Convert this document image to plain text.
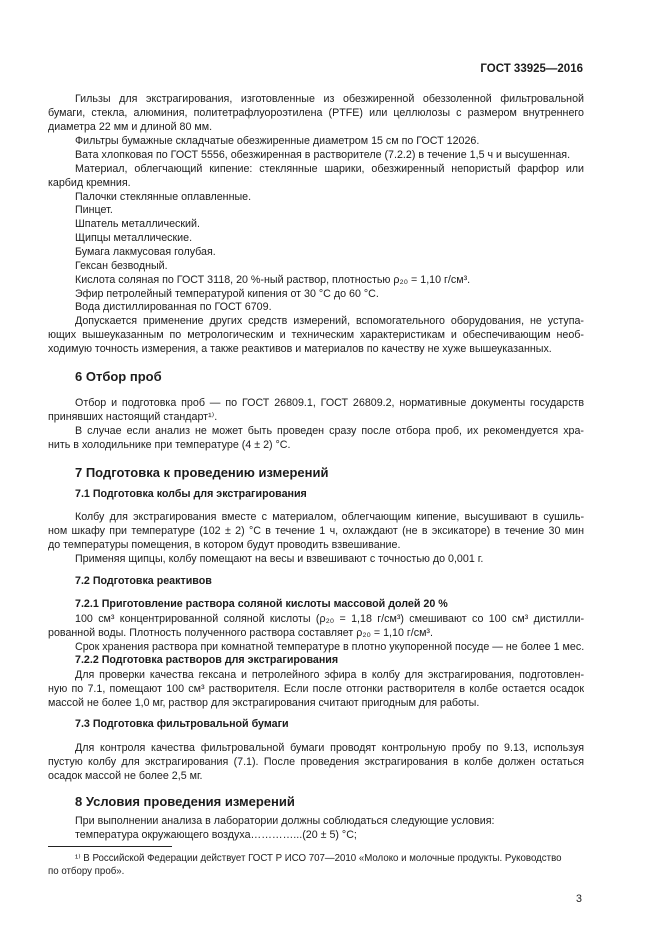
ГОСТ 33925—2016
Гильзы для экстрагирования, изготовленные из обезжиренной обеззоленной фильтровальной
бумаги, стекла, алюминия, политетрафлуороэтилена (PTFE) или целлюлозы с размером внутреннего
диаметра 22 мм и длиной 80 мм.
Фильтры бумажные складчатые обезжиренные диаметром 15 см по ГОСТ 12026.
Вата хлопковая по ГОСТ 5556, обезжиренная в растворителе (7.2.2) в течение 1,5 ч и высушенная.
Материал, облегчающий кипение: стеклянные шарики, обезжиренный непористый фарфор или
карбид кремния.
Палочки стеклянные оплавленные.
Пинцет.
Шпатель металлический.
Щипцы металлические.
Бумага лакмусовая голубая.
Гексан безводный.
Кислота соляная по ГОСТ 3118, 20 %-ный раствор, плотностью ρ₂₀ = 1,10 г/см³.
Эфир петролейный температурой кипения от 30 °С до 60 °С.
Вода дистиллированная по ГОСТ 6709.
Допускается применение других средств измерений, вспомогательного оборудования, не уступа-
ющих вышеуказанным по метрологическим и техническим характеристикам и обеспечивающим необ-
ходимую точность измерения, а также реактивов и материалов по качеству не хуже вышеуказанных.
6 Отбор проб
Отбор и подготовка проб — по ГОСТ 26809.1, ГОСТ 26809.2, нормативные документы государств
принявших настоящий стандарт¹⁾.
В случае если анализ не может быть проведен сразу после отбора проб, их рекомендуется хра-
нить в холодильнике при температуре (4 ± 2) °С.
7 Подготовка к проведению измерений
7.1 Подготовка колбы для экстрагирования
Колбу для экстрагирования вместе с материалом, облегчающим кипение, высушивают в сушиль-
ном шкафу при температуре (102 ± 2) °С в течение 1 ч, охлаждают (не в эксикаторе) в течение 30 мин
до температуры помещения, в котором будут проводить взвешивание.
Применяя щипцы, колбу помещают на весы и взвешивают с точностью до 0,001 г.
7.2 Подготовка реактивов
7.2.1 Приготовление раствора соляной кислоты массовой долей 20 %
100 см³ концентрированной соляной кислоты (ρ₂₀ = 1,18 г/см³) смешивают со 100 см³ дистилли-
рованной воды. Плотность полученного раствора составляет ρ₂₀ = 1,10 г/см³.
Срок хранения раствора при комнатной температуре в плотно укупоренной посуде — не более 1 мес.
7.2.2 Подготовка растворов для экстрагирования
Для проверки качества гексана и петролейного эфира в колбу для экстрагирования, подготовлен-
ную по 7.1, помещают 100 см³ растворителя. Если после отгонки растворителя в колбе остается осадок
массой не более 1,0 мг, раствор для экстрагирования считают пригодным для работы.
7.3 Подготовка фильтровальной бумаги
Для контроля качества фильтровальной бумаги проводят контрольную пробу по 9.13, используя
пустую колбу для экстрагирования (7.1). После проведения экстрагирования в колбе должен остаться
осадок массой не более 2,5 мг.
8 Условия проведения измерений
При выполнении анализа в лаборатории должны соблюдаться следующие условия:
температура окружающего воздуха…………...(20 ± 5) °С;
¹⁾ В Российской Федерации действует ГОСТ Р ИСО 707—2010 «Молоко и молочные продукты. Руководство
по отбору проб».
3
